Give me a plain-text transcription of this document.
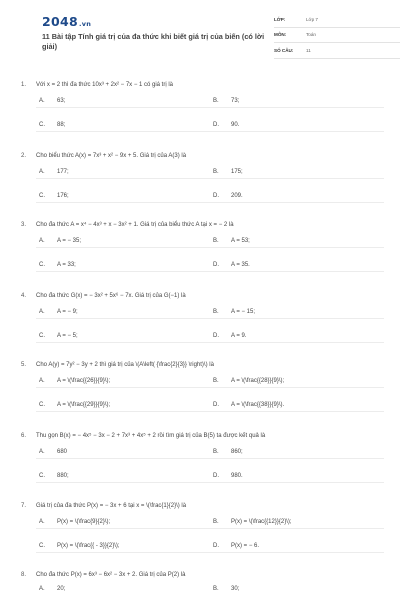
2048.vn
11 Bài tập Tính giá trị của đa thức khi biết giá trị của biến (có lời giải)
LỚP:	Lớp 7
MÔN:	Toán
SỐ CÂU:	11
1.	Với x = 2 thì đa thức 10x³ + 2x² − 7x − 1 có giá trị là
A.	63;	B.	73;
C.	88;	D.	90.
2.	Cho biểu thức A(x) = 7x³ + x² − 9x + 5. Giá trị của A(3) là
A.	177;	B.	175;
C.	176;	D.	209.
3.	Cho đa thức A = x⁴ − 4x³ + x − 3x² + 1. Giá trị của biểu thức A tại x = − 2 là
A.	A = − 35;	B.	A = 53;
C.	A = 33;	D.	A = 35.
4.	Cho đa thức G(x) = − 3x² + 5x⁶ − 7x. Giá trị của G(−1) là
A.	A = − 9;	B.	A = − 15;
C.	A = − 5;	D.	A = 9.
5.	Cho A(y) = 7y² − 3y + 2 thì giá trị của \(A\left( {\frac{2}{3}} \right)\) là
A.	A = \(\frac{{26}}{9}\);	B.	A = \(\frac{{28}}{9}\);
C.	A = \(\frac{{29}}{9}\);	D.	A = \(\frac{{38}}{9}\).
6.	Thu gọn B(x) = − 4x⁵ − 3x − 2 + 7x³ + 4x⁵ + 2 rồi tìm giá trị của B(5) ta được kết quả là
A.	680	B.	860;
C.	880;	D.	980.
7.	Giá trị của đa thức P(x) = − 3x + 6 tại x = \(\frac{1}{2}\) là
A.	P(x) = \(\frac{9}{2}\);	B.	P(x) = \(\frac{{12}}{2}\);
C.	P(x) = \(\frac{{ - 3}}{2}\);	D.	P(x) = − 6.
8.	Cho đa thức P(x) = 6x³ − 6x² − 3x + 2. Giá trị của P(2) là
A.	20;	B.	30;
